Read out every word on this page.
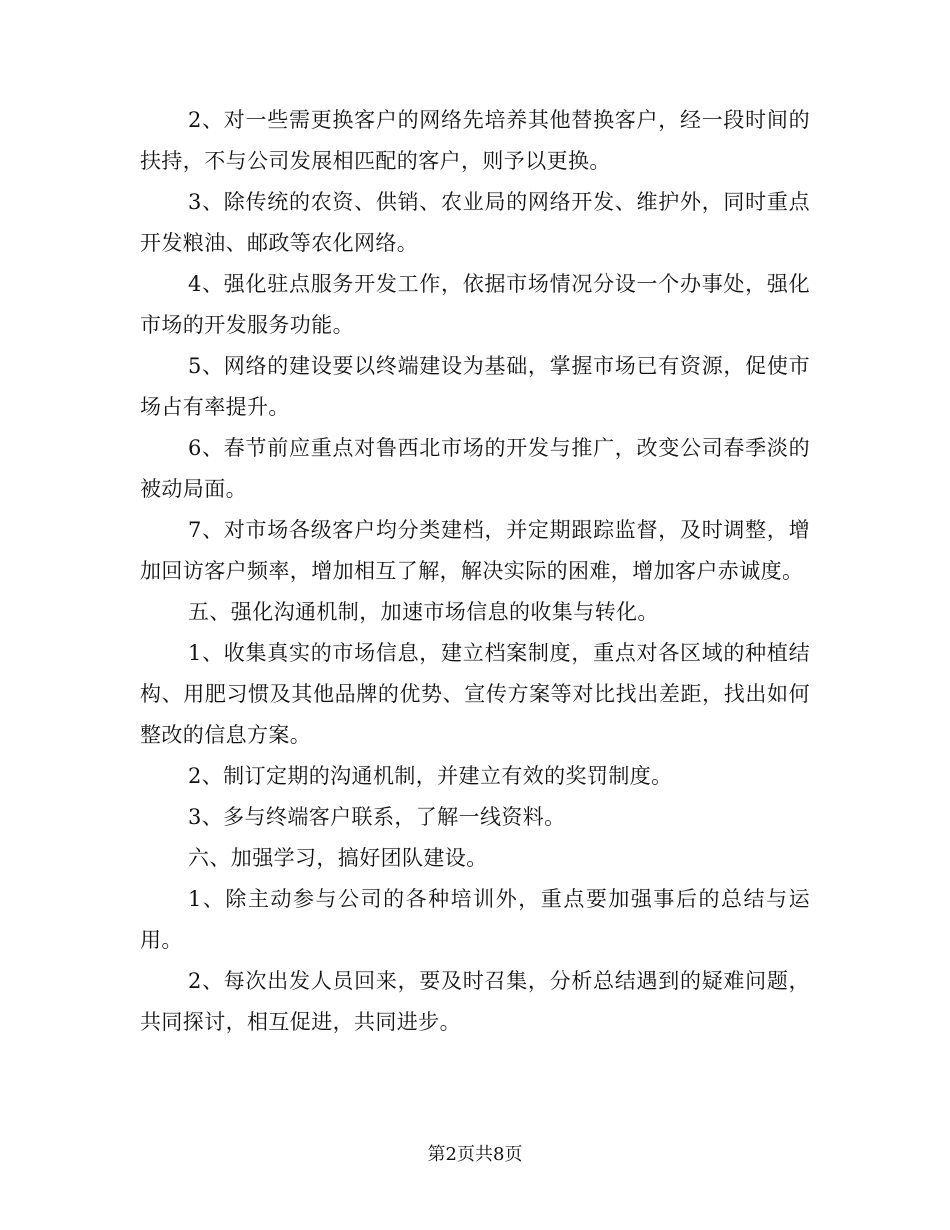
2、对一些需更换客户的网络先培养其他替换客户，经一段时间的扶持，不与公司发展相匹配的客户，则予以更换。

3、除传统的农资、供销、农业局的网络开发、维护外，同时重点开发粮油、邮政等农化网络。

4、强化驻点服务开发工作，依据市场情况分设一个办事处，强化市场的开发服务功能。

5、网络的建设要以终端建设为基础，掌握市场已有资源，促使市场占有率提升。

6、春节前应重点对鲁西北市场的开发与推广，改变公司春季淡的被动局面。

7、对市场各级客户均分类建档，并定期跟踪监督，及时调整，增加回访客户频率，增加相互了解，解决实际的困难，增加客户赤诚度。

五、强化沟通机制，加速市场信息的收集与转化。

1、收集真实的市场信息，建立档案制度，重点对各区域的种植结构、用肥习惯及其他品牌的优势、宣传方案等对比找出差距，找出如何整改的信息方案。

2、制订定期的沟通机制，并建立有效的奖罚制度。

3、多与终端客户联系，了解一线资料。

六、加强学习，搞好团队建设。

1、除主动参与公司的各种培训外，重点要加强事后的总结与运用。

2、每次出发人员回来，要及时召集，分析总结遇到的疑难问题，共同探讨，相互促进，共同进步。

第2页共8页
